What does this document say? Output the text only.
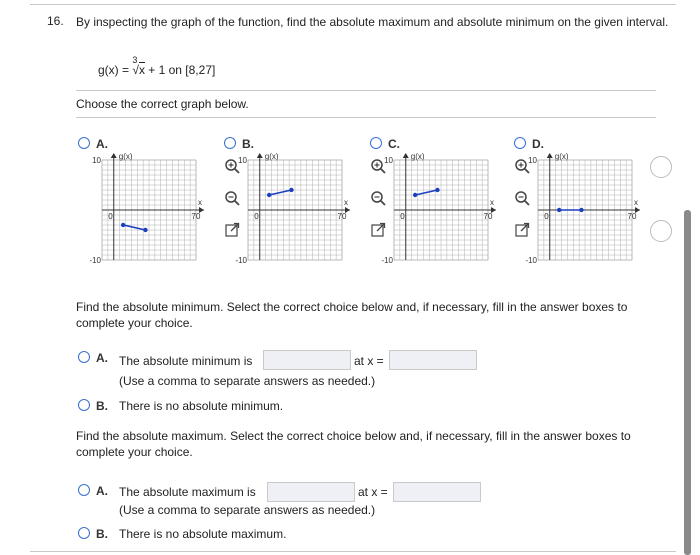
16. By inspecting the graph of the function, find the absolute maximum and absolute minimum on the given interval.
g(x) =
3
√x + 1 on [8,27]
Choose the correct graph below.
A.
g(x)
10
-10
70
x
0
B.
g(x)
10
-10
70
x
0
C.
g(x)
10
-10
70
x
0
D.
g(x)
10
-10
70
x
0
Find the absolute minimum. Select the correct choice below and, if necessary, fill in the answer boxes to complete your choice.
A. The absolute minimum is	at x =
(Use a comma to separate answers as needed.)
B. There is no absolute minimum.
Find the absolute maximum. Select the correct choice below and, if necessary, fill in the answer boxes to complete your choice.
A. The absolute maximum is	at x =
(Use a comma to separate answers as needed.)
B. There is no absolute maximum.
